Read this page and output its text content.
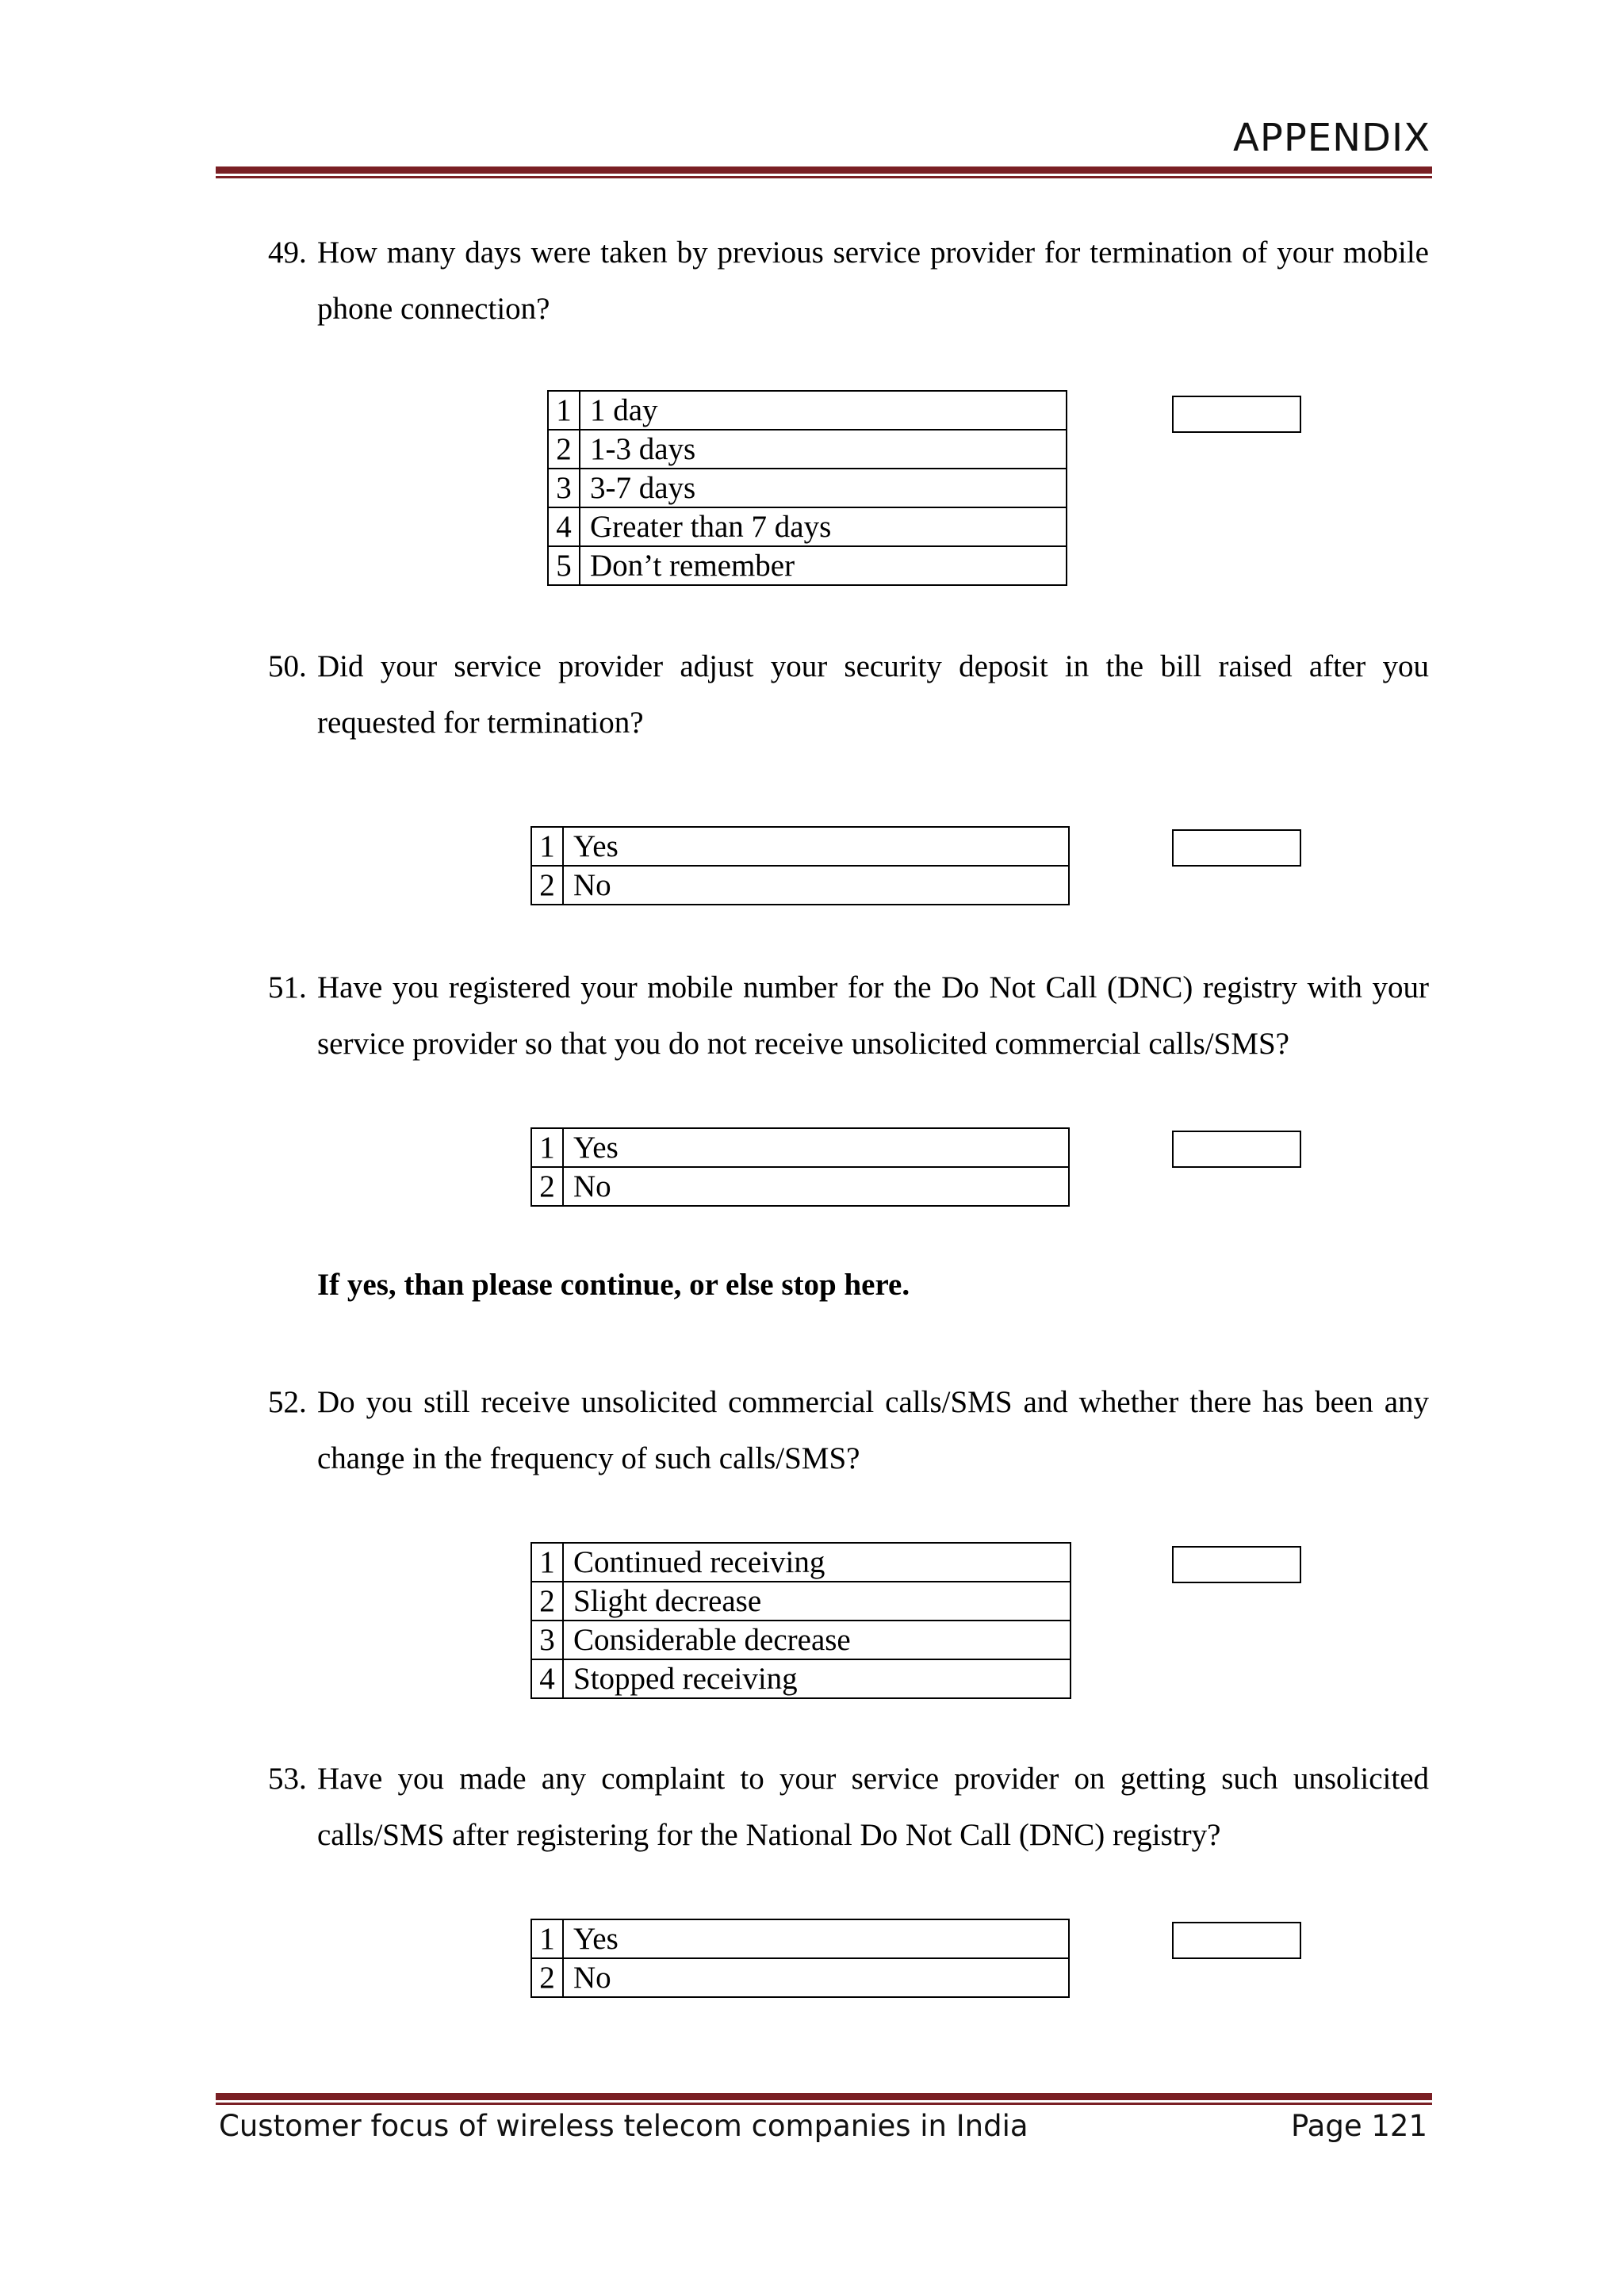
APPENDIX
49. How many days were taken by previous service provider for termination of your mobile phone connection?
1	1 day
2	1-3 days
3	3-7 days
4	Greater than 7 days
5	Don’t remember
50. Did your service provider adjust your security deposit in the bill raised after you requested for termination?
1	Yes
2	No
51. Have you registered your mobile number for the Do Not Call (DNC) registry with your service provider so that you do not receive unsolicited commercial calls/SMS?
1	Yes
2	No
If yes, than please continue, or else stop here.
52. Do you still receive unsolicited commercial calls/SMS and whether there has been any change in the frequency of such calls/SMS?
1	Continued receiving
2	Slight decrease
3	Considerable decrease
4	Stopped receiving
53. Have you made any complaint to your service provider on getting such unsolicited calls/SMS after registering for the National Do Not Call (DNC) registry?
1	Yes
2	No
Customer focus of wireless telecom companies in India	Page 121
